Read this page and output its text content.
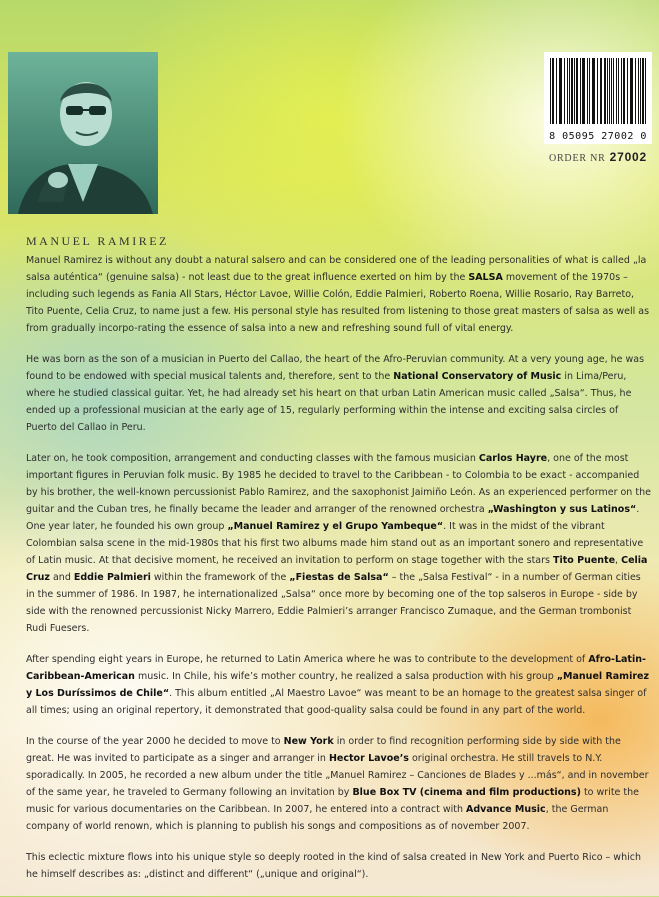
8 05095 27002 0
ORDER NR 27002
MANUEL RAMIREZ

Manuel Ramirez is without any doubt a natural salsero and can be considered one of the leading personalities of what is called „la salsa auténtica“ (genuine salsa) - not least due to the great influence exerted on him by the SALSA movement of the 1970s – including such legends as Fania All Stars, Héctor Lavoe, Willie Colón, Eddie Palmieri, Roberto Roena, Willie Rosario, Ray Barreto, Tito Puente, Celia Cruz, to name just a few. His personal style has resulted from listening to those great masters of salsa as well as from gradually incorpo-rating the essence of salsa into a new and refreshing sound full of vital energy.

He was born as the son of a musician in Puerto del Callao, the heart of the Afro-Peruvian community. At a very young age, he was found to be endowed with special musical talents and, therefore, sent to the National Conservatory of Music in Lima/Peru, where he studied classical guitar. Yet, he had already set his heart on that urban Latin American music called „Salsa“. Thus, he ended up a professional musician at the early age of 15, regularly performing within the intense and exciting salsa circles of Puerto del Callao in Peru.

Later on, he took composition, arrangement and conducting classes with the famous musician Carlos Hayre, one of the most important figures in Peruvian folk music. By 1985 he decided to travel to the Caribbean - to Colombia to be exact - accompanied by his brother, the well-known percussionist Pablo Ramirez, and the saxophonist Jaimiño León. As an experienced performer on the guitar and the Cuban tres, he finally became the leader and arranger of the renowned orchestra „Washington y sus Latinos“. One year later, he founded his own group „Manuel Ramirez y el Grupo Yambeque“. It was in the midst of the vibrant Colombian salsa scene in the mid-1980s that his first two albums made him stand out as an important sonero and representative of Latin music. At that decisive moment, he received an invitation to perform on stage together with the stars Tito Puente, Celia Cruz and Eddie Palmieri within the framework of the „Fiestas de Salsa“ – the „Salsa Festival“ - in a number of German cities in the summer of 1986. In 1987, he internationalized „Salsa“ once more by becoming one of the top salseros in Europe - side by side with the renowned percussionist Nicky Marrero, Eddie Palmieri’s arranger Francisco Zumaque, and the German trombonist Rudi Fuesers.

After spending eight years in Europe, he returned to Latin America where he was to contribute to the development of Afro-Latin-Caribbean-American music. In Chile, his wife’s mother country, he realized a salsa production with his group „Manuel Ramirez y Los Duríssimos de Chile“. This album entitled „Al Maestro Lavoe“ was meant to be an homage to the greatest salsa singer of all times; using an original repertory, it demonstrated that good-quality salsa could be found in any part of the world.

In the course of the year 2000 he decided to move to New York in order to find recognition performing side by side with the great. He was invited to participate as a singer and arranger in Hector Lavoe’s original orchestra. He still travels to N.Y. sporadically. In 2005, he recorded a new album under the title „Manuel Ramirez – Canciones de Blades y ...más“, and in november of the same year, he traveled to Germany following an invitation by Blue Box TV (cinema and film productions) to write the music for various documentaries on the Caribbean. In 2007, he entered into a contract with Advance Music, the German company of world renown, which is planning to publish his songs and compositions as of november 2007.

This eclectic mixture flows into his unique style so deeply rooted in the kind of salsa created in New York and Puerto Rico – which he himself describes as: „distinct and different“ („unique and original“).
